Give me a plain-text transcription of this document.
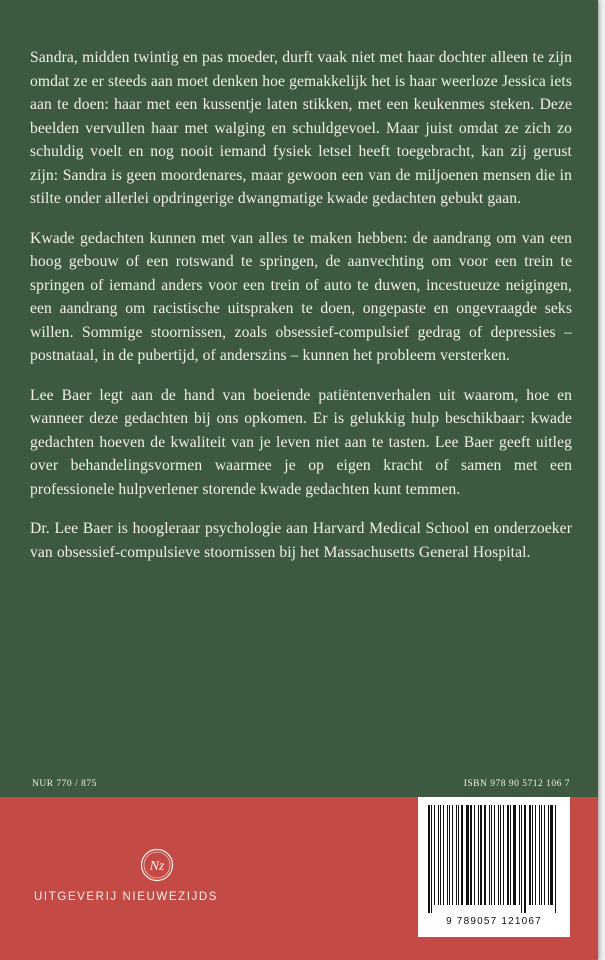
Sandra, midden twintig en pas moeder, durft vaak niet met haar dochter alleen te zijn omdat ze er steeds aan moet denken hoe gemakkelijk het is haar weerloze Jessica iets aan te doen: haar met een kussentje laten stikken, met een keukenmes steken. Deze beelden vervullen haar met walging en schuldgevoel. Maar juist omdat ze zich zo schuldig voelt en nog nooit iemand fysiek letsel heeft toegebracht, kan zij gerust zijn: Sandra is geen moordenares, maar gewoon een van de miljoenen mensen die in stilte onder allerlei opdringerige dwangmatige kwade gedachten gebukt gaan.

Kwade gedachten kunnen met van alles te maken hebben: de aandrang om van een hoog gebouw of een rotswand te springen, de aanvechting om voor een trein te springen of iemand anders voor een trein of auto te duwen, incestueuze neigingen, een aandrang om racistische uitspraken te doen, ongepaste en ongevraagde seks willen. Sommige stoornissen, zoals obsessief-compulsief gedrag of depressies – postnataal, in de pubertijd, of anderszins – kunnen het probleem versterken.

Lee Baer legt aan de hand van boeiende patiëntenverhalen uit waarom, hoe en wanneer deze gedachten bij ons opkomen. Er is gelukkig hulp beschikbaar: kwade gedachten hoeven de kwaliteit van je leven niet aan te tasten. Lee Baer geeft uitleg over behandelingsvormen waarmee je op eigen kracht of samen met een professionele hulpverlener storende kwade gedachten kunt temmen.

Dr. Lee Baer is hoogleraar psychologie aan Harvard Medical School en onderzoeker van obsessief-compulsieve stoornissen bij het Massachusetts General Hospital.

NUR 770 / 875	ISBN 978 90 5712 106 7
Nz
UITGEVERIJ NIEUWEZIJDS
9 789057 121067
